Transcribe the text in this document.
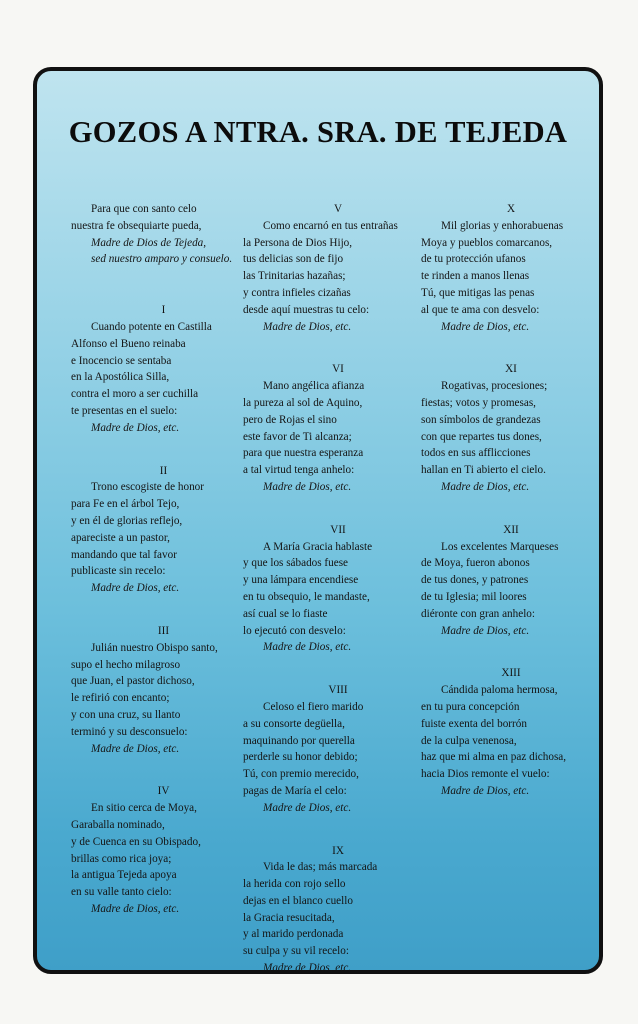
GOZOS A NTRA. SRA. DE TEJEDA
Para que con santo celo
nuestra fe obsequiarte pueda,
Madre de Dios de Tejeda,
sed nuestro amparo y consuelo.
I
Cuando potente en Castilla
Alfonso el Bueno reinaba
e Inocencio se sentaba
en la Apostólica Silla,
contra el moro a ser cuchilla
te presentas en el suelo:
Madre de Dios, etc.
II
Trono escogiste de honor
para Fe en el árbol Tejo,
y en él de glorias reflejo,
apareciste a un pastor,
mandando que tal favor
publicaste sin recelo:
Madre de Dios, etc.
III
Julián nuestro Obispo santo,
supo el hecho milagroso
que Juan, el pastor dichoso,
le refirió con encanto;
y con una cruz, su llanto
terminó y su desconsuelo:
Madre de Dios, etc.
IV
En sitio cerca de Moya,
Garaballa nominado,
y de Cuenca en su Obispado,
brillas como rica joya;
la antigua Tejeda apoya
en su valle tanto cielo:
Madre de Dios, etc.
V
Como encarnó en tus entrañas
la Persona de Dios Hijo,
tus delicias son de fijo
las Trinitarias hazañas;
y contra infieles cizañas
desde aquí muestras tu celo:
Madre de Dios, etc.
VI
Mano angélica afianza
la pureza al sol de Aquino,
pero de Rojas el sino
este favor de Ti alcanza;
para que nuestra esperanza
a tal virtud tenga anhelo:
Madre de Dios, etc.
VII
A María Gracia hablaste
y que los sábados fuese
y una lámpara encendiese
en tu obsequio, le mandaste,
así cual se lo fiaste
lo ejecutó con desvelo:
Madre de Dios, etc.
VIII
Celoso el fiero marido
a su consorte degüella,
maquinando por querella
perderle su honor debido;
Tú, con premio merecido,
pagas de María el celo:
Madre de Dios, etc.
IX
Vida le das; más marcada
la herida con rojo sello
dejas en el blanco cuello
la Gracia resucitada,
y al marido perdonada
su culpa y su vil recelo:
Madre de Dios, etc.
X
Mil glorias y enhorabuenas
Moya y pueblos comarcanos,
de tu protección ufanos
te rinden a manos llenas
Tú, que mitigas las penas
al que te ama con desvelo:
Madre de Dios, etc.
XI
Rogativas, procesiones;
fiestas; votos y promesas,
son símbolos de grandezas
con que repartes tus dones,
todos en sus afflicciones
hallan en Ti abierto el cielo.
Madre de Dios, etc.
XII
Los excelentes Marqueses
de Moya, fueron abonos
de tus dones, y patrones
de tu Iglesia; mil loores
diéronte con gran anhelo:
Madre de Dios, etc.
XIII
Cándida paloma hermosa,
en tu pura concepción
fuiste exenta del borrón
de la culpa venenosa,
haz que mi alma en paz dichosa,
hacia Dios remonte el vuelo:
Madre de Dios, etc.
